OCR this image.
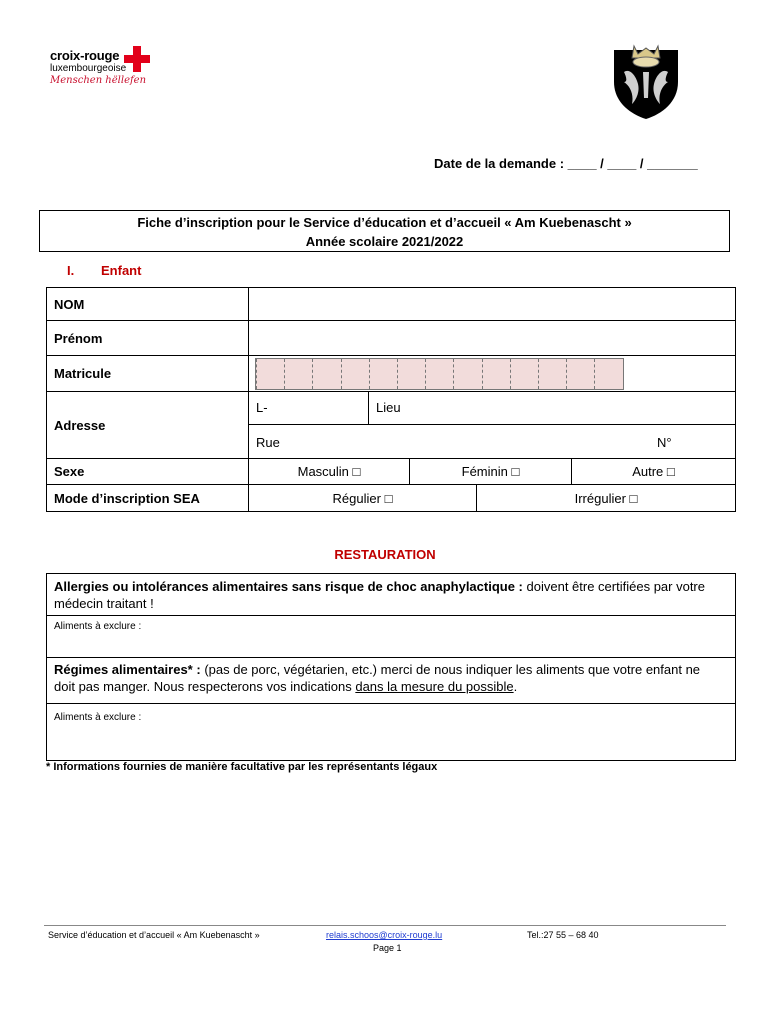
croix-rouge
luxembourgeoise
Menschen hëllefen
Date de la demande : ____ / ____ / _______
Fiche d’inscription pour le Service d’éducation et d’accueil « Am Kuebenascht »
Année scolaire 2021/2022
I. Enfant
NOM
Prénom
Matricule
Adresse
L-	Lieu
Rue	N°
Sexe	Masculin □	Féminin □	Autre □
Mode d’inscription SEA	Régulier □	Irrégulier □
RESTAURATION
Allergies ou intolérances alimentaires sans risque de choc anaphylactique : doivent être certifiées par votre médecin traitant !
Aliments à exclure :
Régimes alimentaires* : (pas de porc, végétarien, etc.) merci de nous indiquer les aliments que votre enfant ne doit pas manger. Nous respecterons vos indications dans la mesure du possible.
Aliments à exclure :
* Informations fournies de manière facultative par les représentants légaux
Service d’éducation et d’accueil « Am Kuebenascht »	relais.schoos@croix-rouge.lu	Tel.:27 55 – 68 40
Page 1
